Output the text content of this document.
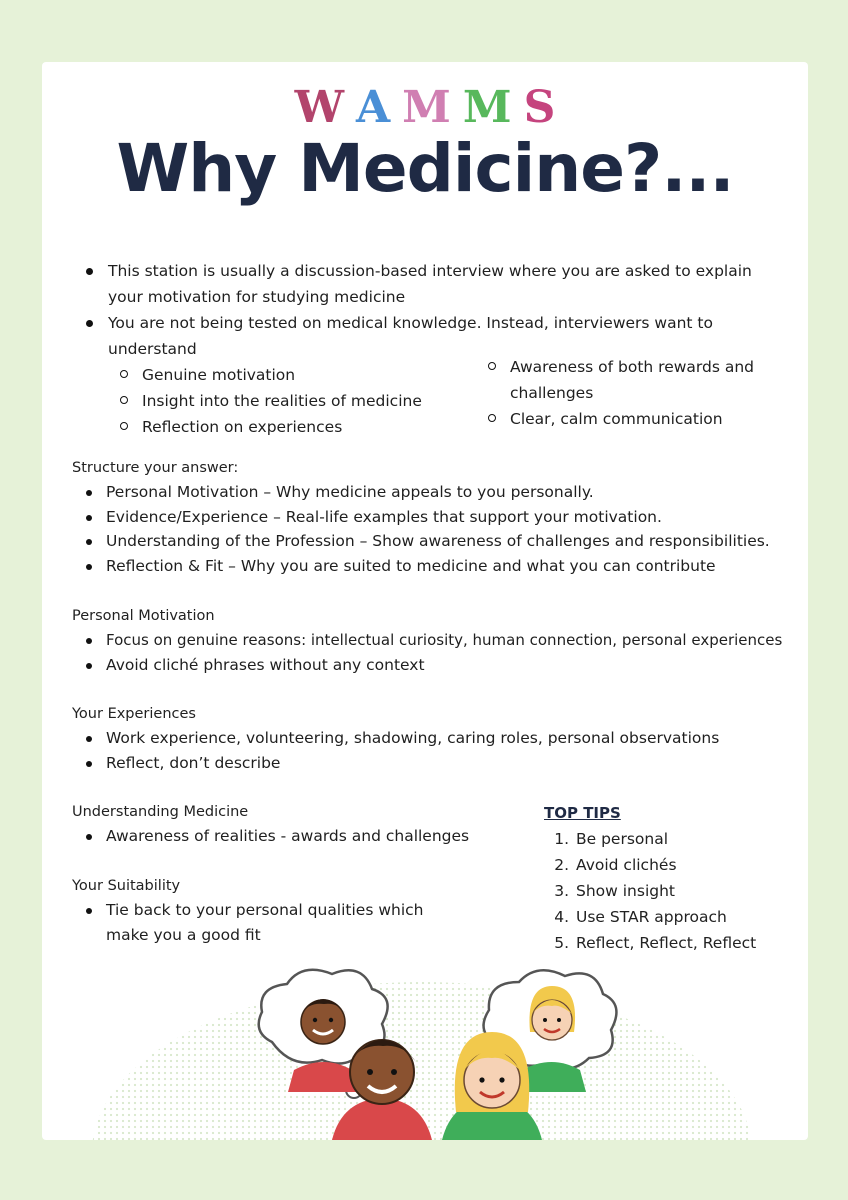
W A M M S
Why Medicine?...
This station is usually a discussion-based interview where you are asked to explain your motivation for studying medicine
You are not being tested on medical knowledge. Instead, interviewers want to understand
Genuine motivation
Insight into the realities of medicine
Reflection on experiences
Awareness of both rewards and challenges
Clear, calm communication
Structure your answer:
Personal Motivation – Why medicine appeals to you personally.
Evidence/Experience – Real-life examples that support your motivation.
Understanding of the Profession – Show awareness of challenges and responsibilities.
Reflection & Fit – Why you are suited to medicine and what you can contribute
Personal Motivation
Focus on genuine reasons: intellectual curiosity, human connection, personal experiences
Avoid cliché phrases without any context
Your Experiences
Work experience, volunteering, shadowing, caring roles, personal observations
Reflect, don’t describe
Understanding Medicine
Awareness of realities - awards and challenges
Your Suitability
Tie back to your personal qualities which make you a good fit
TOP TIPS
1. Be personal
2. Avoid clichés
3. Show insight
4. Use STAR approach
5. Reflect, Reflect, Reflect
